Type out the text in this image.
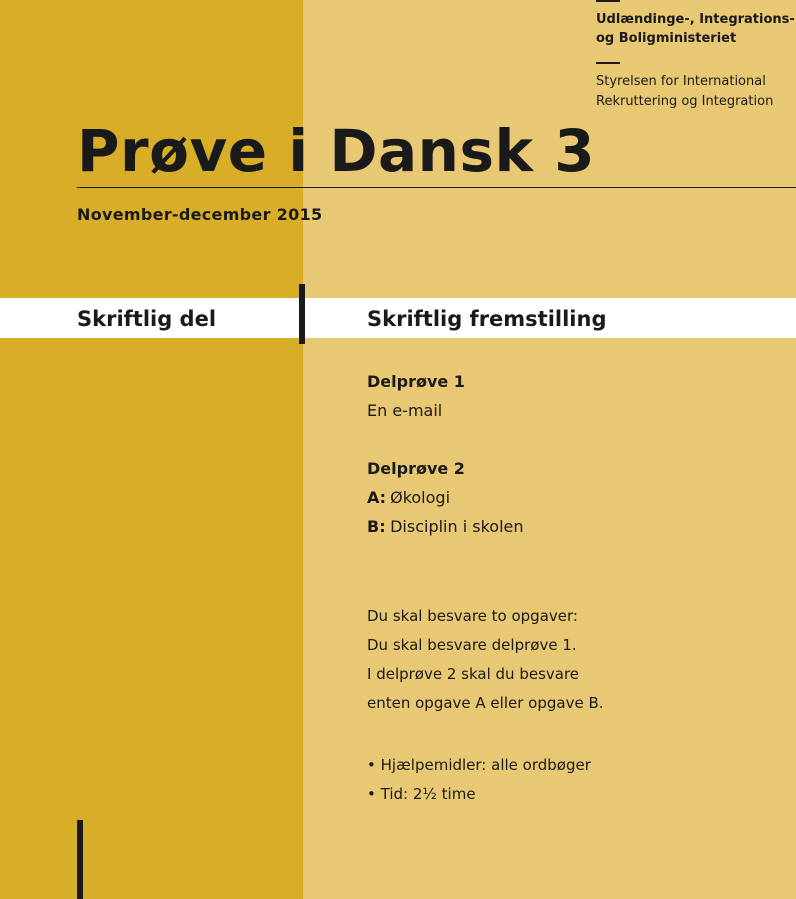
Udlændinge-, Integrations-
og Boligministeriet
Styrelsen for International
Rekruttering og Integration
Prøve i Dansk 3
November-december 2015
Skriftlig del	Skriftlig fremstilling
Delprøve 1
En e-mail
Delprøve 2
A: Økologi
B: Disciplin i skolen
Du skal besvare to opgaver:
Du skal besvare delprøve 1.
I delprøve 2 skal du besvare
enten opgave A eller opgave B.
• Hjælpemidler: alle ordbøger
• Tid: 2½ time
